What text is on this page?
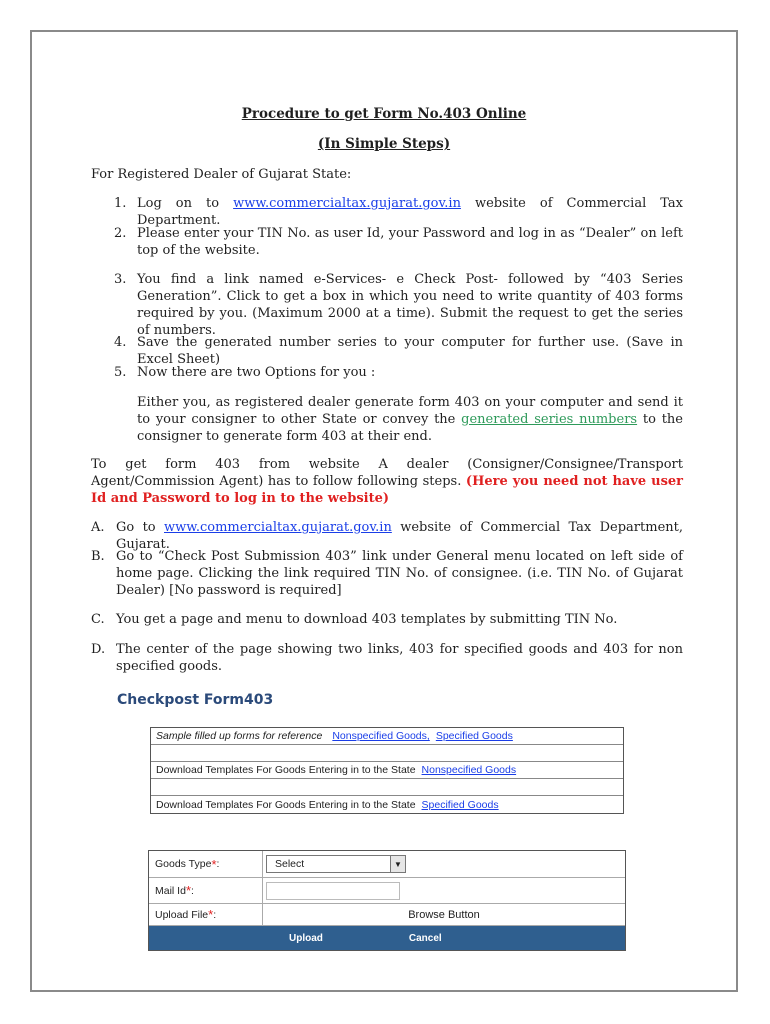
Procedure to get Form No.403 Online
(In Simple Steps)
For Registered Dealer of Gujarat State:
1. Log on to www.commercialtax.gujarat.gov.in website of Commercial Tax Department.
2. Please enter your TIN No. as user Id, your Password and log in as “Dealer” on left top of the website.
3. You find a link named e-Services- e Check Post- followed by “403 Series Generation”. Click to get a box in which you need to write quantity of 403 forms required by you. (Maximum 2000 at a time). Submit the request to get the series of numbers.
4. Save the generated number series to your computer for further use. (Save in Excel Sheet)
5. Now there are two Options for you :
Either you, as registered dealer generate form 403 on your computer and send it to your consigner to other State or convey the generated series numbers to the consigner to generate form 403 at their end.
To get form 403 from website A dealer (Consigner/Consignee/Transport Agent/Commission Agent) has to follow following steps. (Here you need not have user Id and Password to log in to the website)
A. Go to www.commercialtax.gujarat.gov.in website of Commercial Tax Department, Gujarat.
B. Go to “Check Post Submission 403” link under General menu located on left side of home page. Clicking the link required TIN No. of consignee. (i.e. TIN No. of Gujarat Dealer) [No password is required]
C. You get a page and menu to download 403 templates by submitting TIN No.
D. The center of the page showing two links, 403 for specified goods and 403 for non specified goods.
Checkpost Form403
Sample filled up forms for reference Nonspecified Goods, Specified Goods
Download Templates For Goods Entering in to the State Nonspecified Goods
Download Templates For Goods Entering in to the State Specified Goods
Goods Type * :	Select	▼
Mail Id * :
Upload File * :	Browse Button
Upload	Cancel
